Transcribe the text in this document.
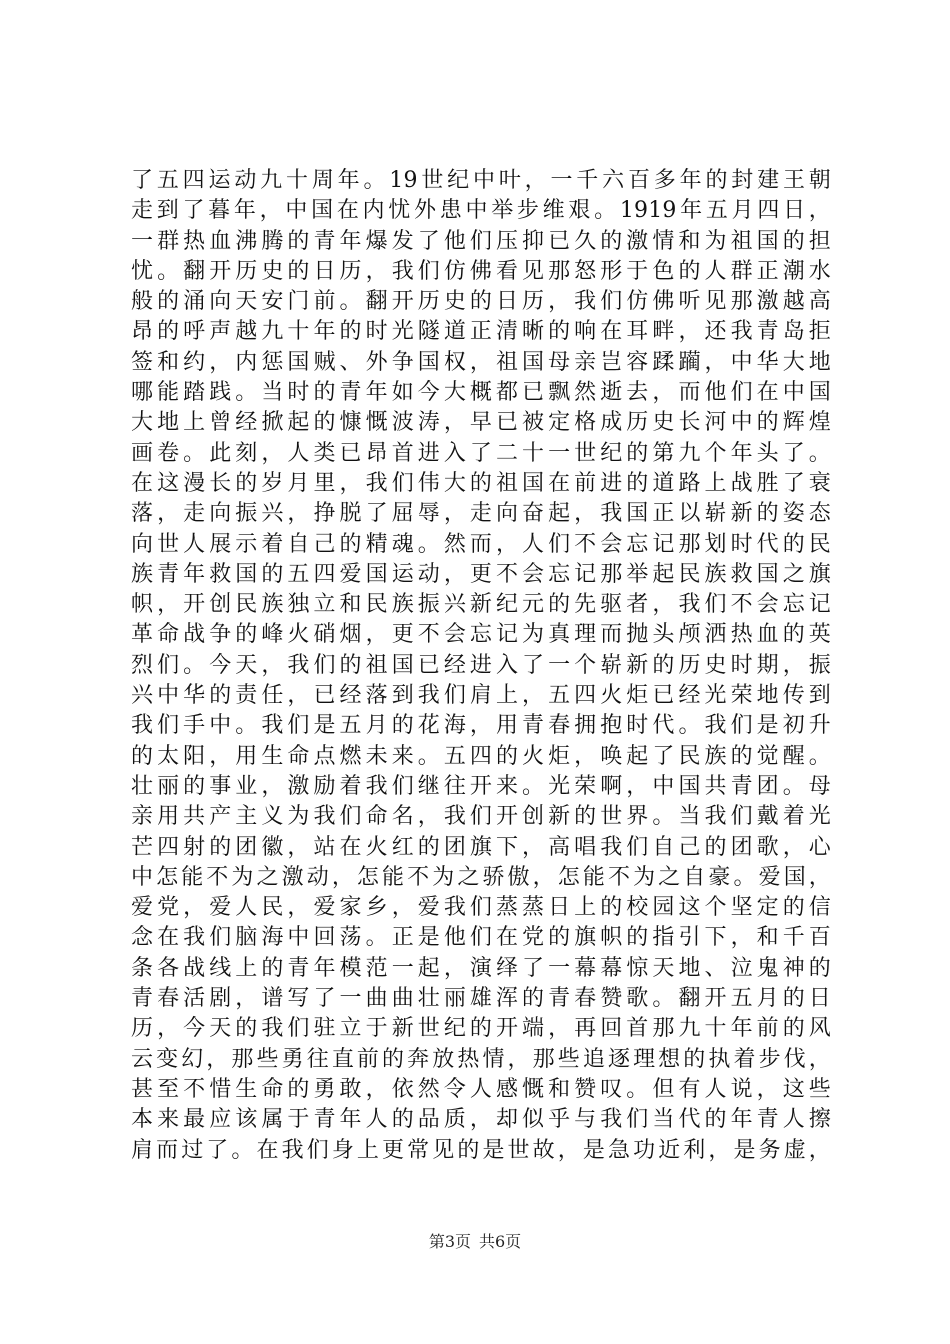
了五四运动九十周年。19世纪中叶，一千六百多年的封建王朝
走到了暮年，中国在内忧外患中举步维艰。1919年五月四日，
一群热血沸腾的青年爆发了他们压抑已久的激情和为祖国的担
忧。翻开历史的日历，我们仿佛看见那怒形于色的人群正潮水
般的涌向天安门前。翻开历史的日历，我们仿佛听见那激越高
昂的呼声越九十年的时光隧道正清晰的响在耳畔，还我青岛拒
签和约，内惩国贼、外争国权，祖国母亲岂容蹂躏，中华大地
哪能踏践。当时的青年如今大概都已飘然逝去，而他们在中国
大地上曾经掀起的慷慨波涛，早已被定格成历史长河中的辉煌
画卷。此刻，人类已昂首进入了二十一世纪的第九个年头了。
在这漫长的岁月里，我们伟大的祖国在前进的道路上战胜了衰
落，走向振兴，挣脱了屈辱，走向奋起，我国正以崭新的姿态
向世人展示着自己的精魂。然而，人们不会忘记那划时代的民
族青年救国的五四爱国运动，更不会忘记那举起民族救国之旗
帜，开创民族独立和民族振兴新纪元的先驱者，我们不会忘记
革命战争的峰火硝烟，更不会忘记为真理而抛头颅洒热血的英
烈们。今天，我们的祖国已经进入了一个崭新的历史时期，振
兴中华的责任，已经落到我们肩上，五四火炬已经光荣地传到
我们手中。我们是五月的花海，用青春拥抱时代。我们是初升
的太阳，用生命点燃未来。五四的火炬，唤起了民族的觉醒。
壮丽的事业，激励着我们继往开来。光荣啊，中国共青团。母
亲用共产主义为我们命名，我们开创新的世界。当我们戴着光
芒四射的团徽，站在火红的团旗下，高唱我们自己的团歌，心
中怎能不为之激动，怎能不为之骄傲，怎能不为之自豪。爱国，
爱党，爱人民，爱家乡，爱我们蒸蒸日上的校园这个坚定的信
念在我们脑海中回荡。正是他们在党的旗帜的指引下，和千百
条各战线上的青年模范一起，演绎了一幕幕惊天地、泣鬼神的
青春活剧，谱写了一曲曲壮丽雄浑的青春赞歌。翻开五月的日
历，今天的我们驻立于新世纪的开端，再回首那九十年前的风
云变幻，那些勇往直前的奔放热情，那些追逐理想的执着步伐，
甚至不惜生命的勇敢，依然令人感慨和赞叹。但有人说，这些
本来最应该属于青年人的品质，却似乎与我们当代的年青人擦
肩而过了。在我们身上更常见的是世故，是急功近利，是务虚，
第3页 共6页
